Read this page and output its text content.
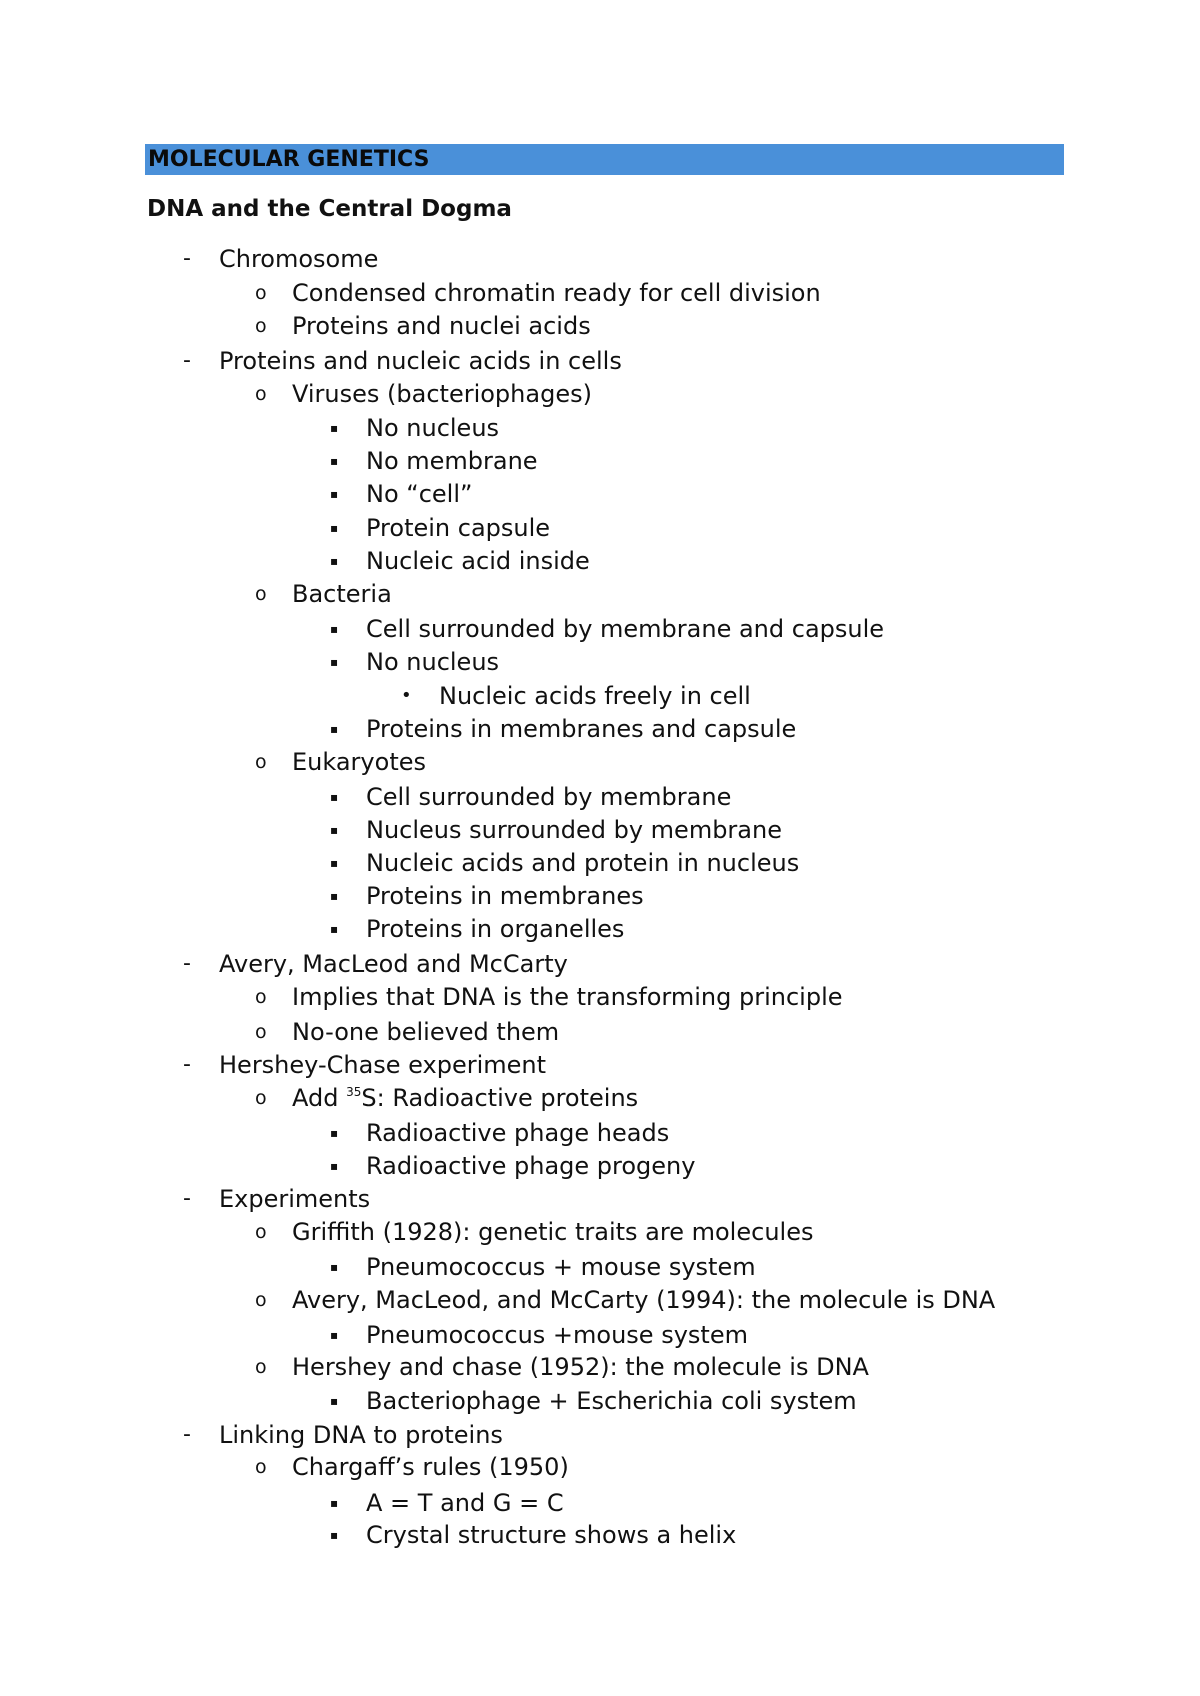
MOLECULAR GENETICS
DNA and the Central Dogma
- Chromosome
o Condensed chromatin ready for cell division
o Proteins and nuclei acids
- Proteins and nucleic acids in cells
o Viruses (bacteriophages)
▪ No nucleus
▪ No membrane
▪ No “cell”
▪ Protein capsule
▪ Nucleic acid inside
o Bacteria
▪ Cell surrounded by membrane and capsule
▪ No nucleus
• Nucleic acids freely in cell
▪ Proteins in membranes and capsule
o Eukaryotes
▪ Cell surrounded by membrane
▪ Nucleus surrounded by membrane
▪ Nucleic acids and protein in nucleus
▪ Proteins in membranes
▪ Proteins in organelles
- Avery, MacLeod and McCarty
o Implies that DNA is the transforming principle
o No-one believed them
- Hershey-Chase experiment
o Add $^{35}$S: Radioactive proteins
▪ Radioactive phage heads
▪ Radioactive phage progeny
- Experiments
o Griffith (1928): genetic traits are molecules
▪ Pneumococcus + mouse system
o Avery, MacLeod, and McCarty (1994): the molecule is DNA
▪ Pneumococcus +mouse system
o Hershey and chase (1952): the molecule is DNA
▪ Bacteriophage + Escherichia coli system
- Linking DNA to proteins
o Chargaff’s rules (1950)
▪ A = T and G = C
▪ Crystal structure shows a helix
